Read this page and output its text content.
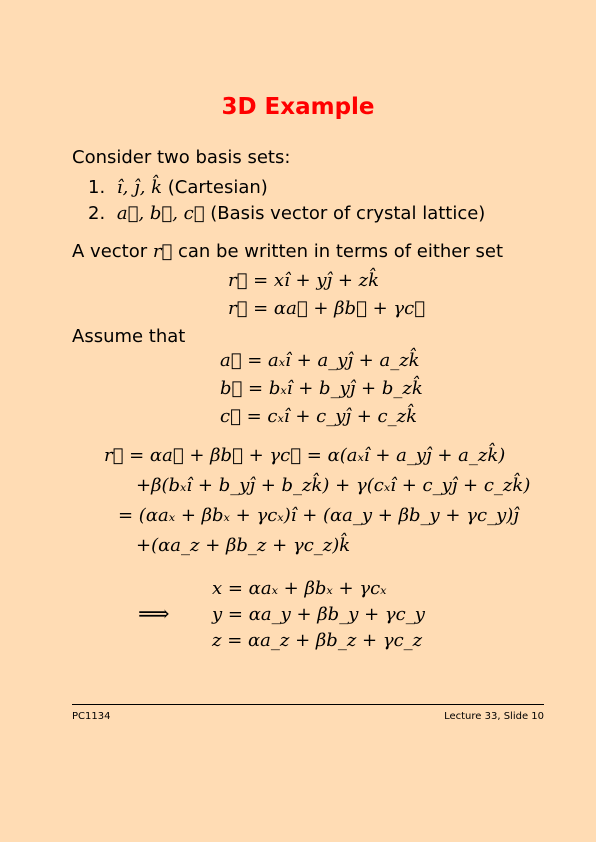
3D Example
Consider two basis sets:
1. î, ĵ, k̂ (Cartesian)
2. a⃗, b⃗, c⃗ (Basis vector of crystal lattice)
A vector r⃗ can be written in terms of either set
r⃗ = xî + yĵ + zk̂
r⃗ = αa⃗ + βb⃗ + γc⃗
Assume that
a⃗ = aₓî + a_yĵ + a_zk̂
b⃗ = bₓî + b_yĵ + b_zk̂
c⃗ = cₓî + c_yĵ + c_zk̂
r⃗ = αa⃗ + βb⃗ + γc⃗ = α(aₓî + a_yĵ + a_zk̂)
+β(bₓî + b_yĵ + b_zk̂) + γ(cₓî + c_yĵ + c_zk̂)
= (αaₓ + βbₓ + γcₓ)î + (αa_y + βb_y + γc_y)ĵ
+(αa_z + βb_z + γc_z)k̂
⟹
x = αaₓ + βbₓ + γcₓ
y = αa_y + βb_y + γc_y
z = αa_z + βb_z + γc_z
PC1134	Lecture 33, Slide 10
